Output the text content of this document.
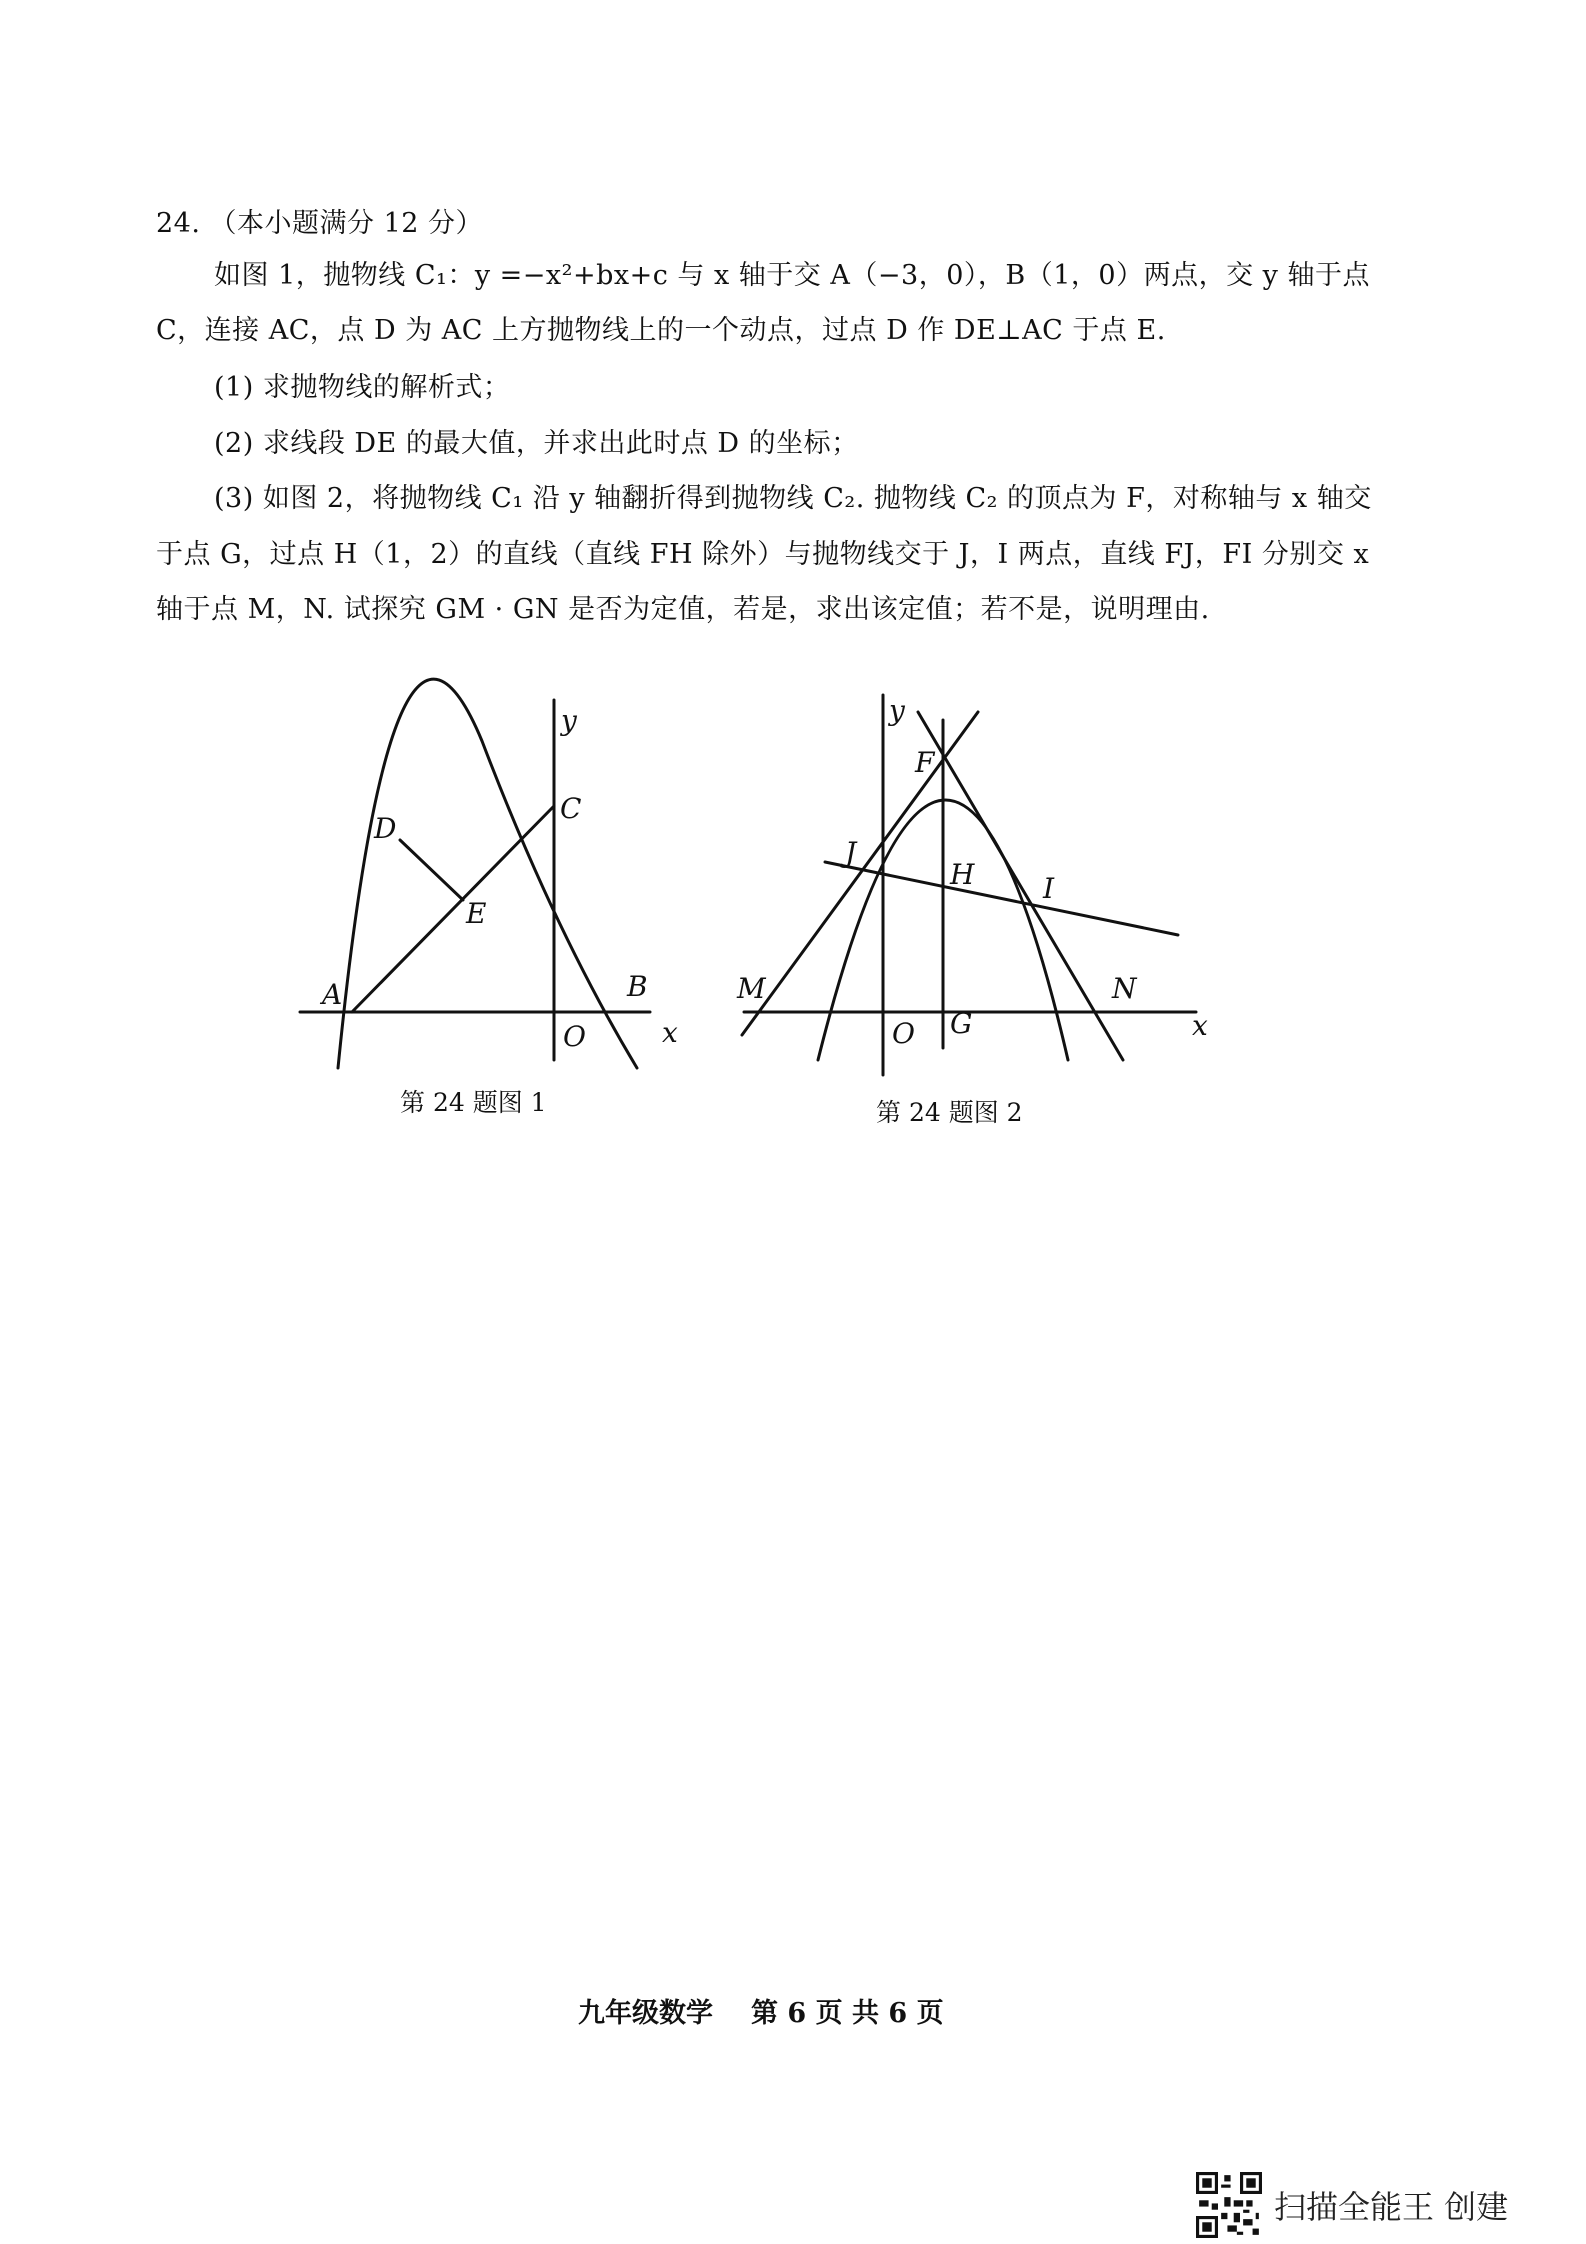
24. （本小题满分 12 分）
如图 1，抛物线 C₁：y =−x²+bx+c 与 x 轴于交 A（−3，0），B（1，0）两点，交 y 轴于点
C，连接 AC，点 D 为 AC 上方抛物线上的一个动点，过点 D 作 DE⊥AC 于点 E.
(1) 求抛物线的解析式；
(2) 求线段 DE 的最大值，并求出此时点 D 的坐标；
(3) 如图 2，将抛物线 C₁ 沿 y 轴翻折得到抛物线 C₂. 抛物线 C₂ 的顶点为 F，对称轴与 x 轴交
于点 G，过点 H（1，2）的直线（直线 FH 除外）与抛物线交于 J，I 两点，直线 FJ，FI 分别交 x
轴于点 M，N. 试探究 GM · GN 是否为定值，若是，求出该定值；若不是，说明理由.
y
C
D
E
A	B
O	x
y
F
J
H I
M	N
O G	x
第 24 题图 1	第 24 题图 2
九年级数学 第 6 页 共 6 页
扫描全能王 创建
